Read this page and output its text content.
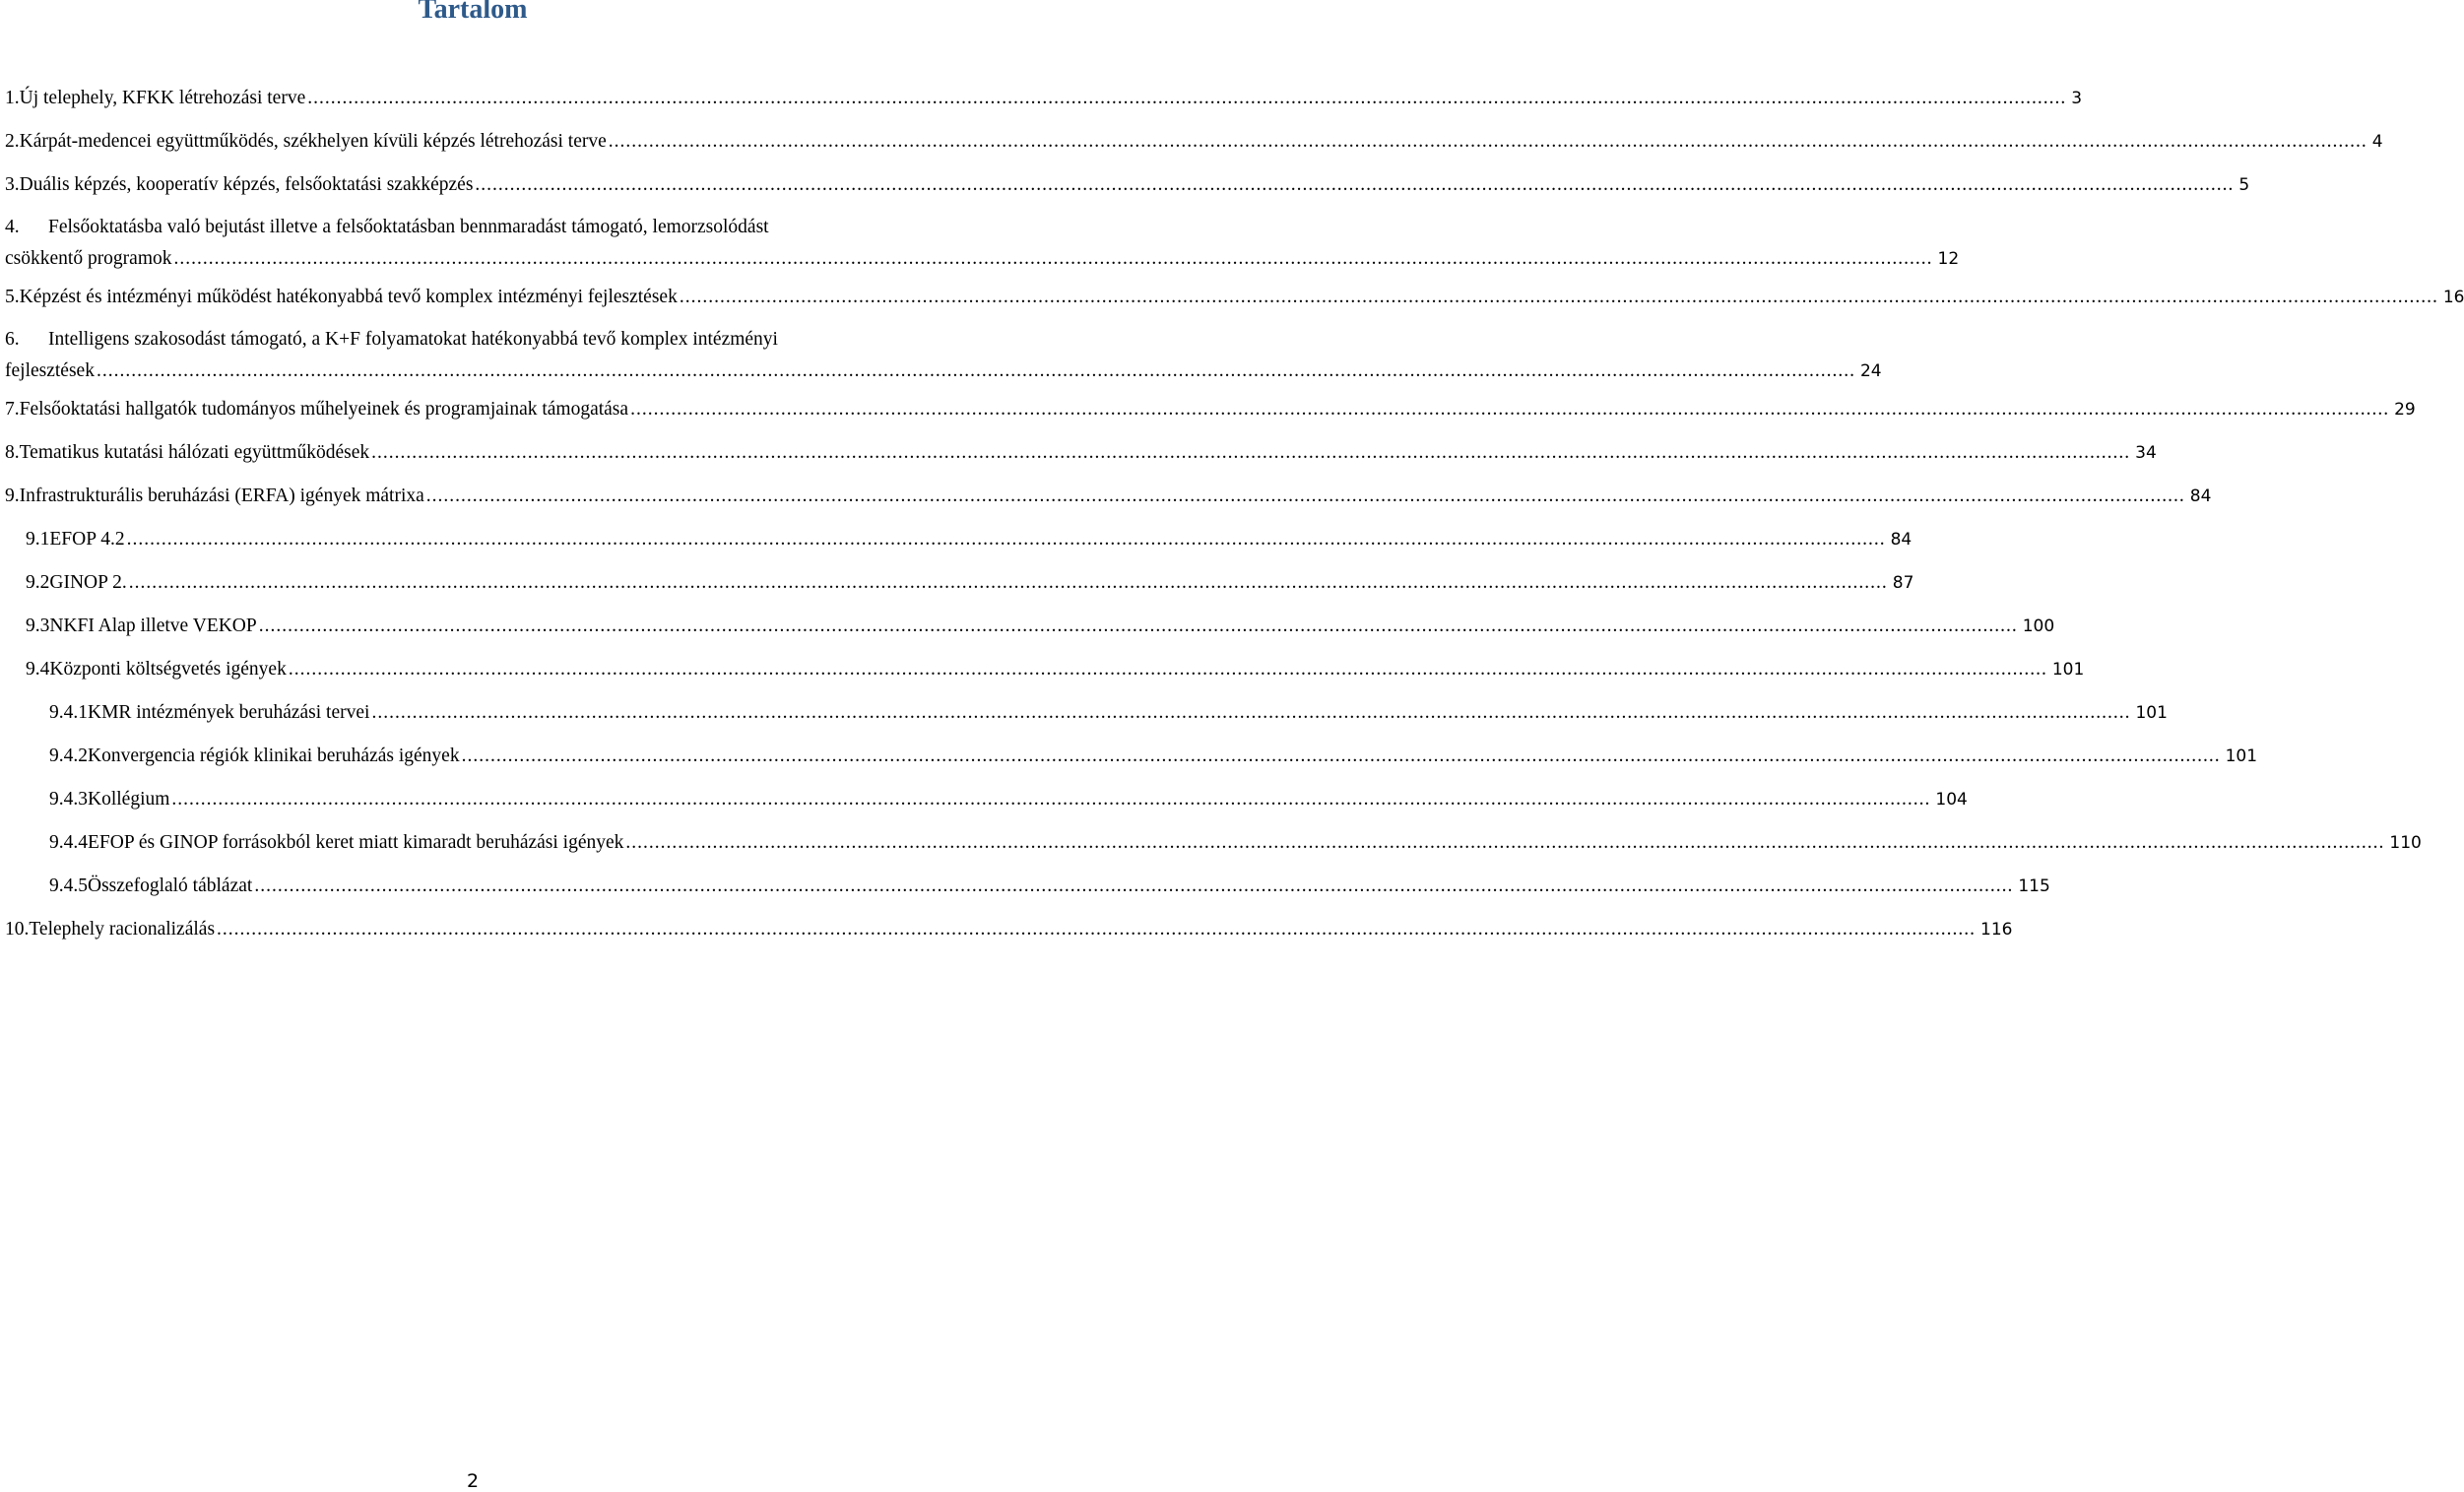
Tartalom
1. Új telephely, KFKK létrehozási terve .....	3
2. Kárpát-medencei együttműködés, székhelyen kívüli képzés létrehozási terve .....	4
3. Duális képzés, kooperatív képzés, felsőoktatási szakképzés .....	5
4.	Felsőoktatásba való bejutást illetve a felsőoktatásban bennmaradást támogató, lemorzsolódást
csökkentő programok .....	12
5. Képzést és intézményi működést hatékonyabbá tevő komplex intézményi fejlesztések .....	16
6.	Intelligens szakosodást támogató, a K+F folyamatokat hatékonyabbá tevő komplex intézményi
fejlesztések .....	24
7. Felsőoktatási hallgatók tudományos műhelyeinek és programjainak támogatása .....	29
8. Tematikus kutatási hálózati együttműködések .....	34
9. Infrastrukturális beruházási (ERFA) igények mátrixa .....	84
9.1 EFOP 4.2 .....	84
9.2 GINOP 2. .....	87
9.3 NKFI Alap illetve VEKOP .....	100
9.4 Központi költségvetés igények .....	101
9.4.1 KMR intézmények beruházási tervei .....	101
9.4.2 Konvergencia régiók klinikai beruházás igények .....	101
9.4.3 Kollégium .....	104
9.4.4 EFOP és GINOP forrásokból keret miatt kimaradt beruházási igények .....	110
9.4.5 Összefoglaló táblázat .....	115
10. Telephely racionalizálás .....	116
2
